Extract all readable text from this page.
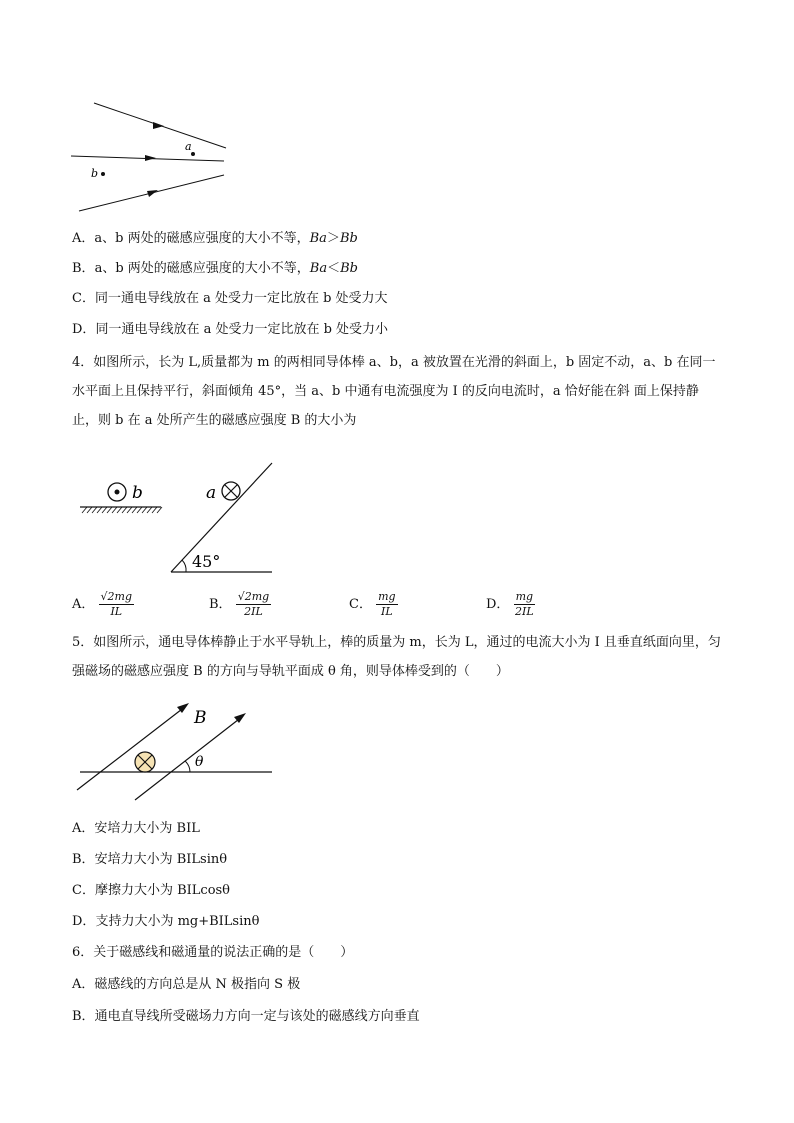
a
b
A．a、b 两处的磁感应强度的大小不等，Ba＞Bb
B．a、b 两处的磁感应强度的大小不等，Ba＜Bb
C．同一通电导线放在 a 处受力一定比放在 b 处受力大
D．同一通电导线放在 a 处受力一定比放在 b 处受力小
4．如图所示，长为 L,质量都为 m 的两相同导体棒 a、b，a 被放置在光滑的斜面上，b 固定不动，a、b 在同一水平面上且保持平行，斜面倾角 45°，当 a、b 中通有电流强度为 I 的反向电流时，a 恰好能在斜 面上保持静止，则 b 在 a 处所产生的磁感应强度 B 的大小为
b
45°
a
A． $\frac{√2mg}{IL}$	B． $\frac{√2mg}{2IL}$	C． $\frac{mg}{IL}$	D． $\frac{mg}{2IL}$
5．如图所示，通电导体棒静止于水平导轨上，棒的质量为 m，长为 L，通过的电流大小为 I 且垂直纸面向里，匀强磁场的磁感应强度 B 的方向与导轨平面成 θ 角，则导体棒受到的（　　）
B
θ
A．安培力大小为 BIL
B．安培力大小为 BILsinθ
C．摩擦力大小为 BILcosθ
D．支持力大小为 mg+BILsinθ
6．关于磁感线和磁通量的说法正确的是（　　）
A．磁感线的方向总是从 N 极指向 S 极
B．通电直导线所受磁场力方向一定与该处的磁感线方向垂直
